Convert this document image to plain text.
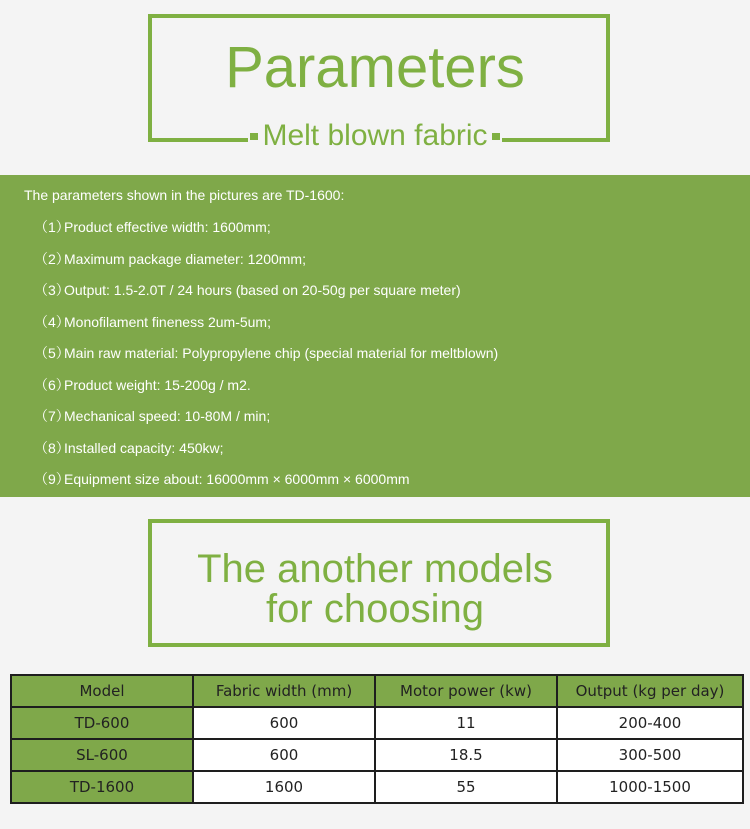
Parameters
Melt blown fabric
The parameters shown in the pictures are TD-1600:
（1）Product effective width: 1600mm;
（2）Maximum package diameter: 1200mm;
（3）Output: 1.5-2.0T / 24 hours (based on 20-50g per square meter)
（4）Monofilament fineness 2um-5um;
（5）Main raw material: Polypropylene chip (special material for meltblown)
（6）Product weight: 15-200g / m2.
（7）Mechanical speed: 10-80M / min;
（8）Installed capacity: 450kw;
（9）Equipment size about: 16000mm × 6000mm × 6000mm
The another models
for choosing
Model	Fabric width (mm)	Motor power (kw)	Output (kg per day)
TD-600	600	11	200-400
SL-600	600	18.5	300-500
TD-1600	1600	55	1000-1500
